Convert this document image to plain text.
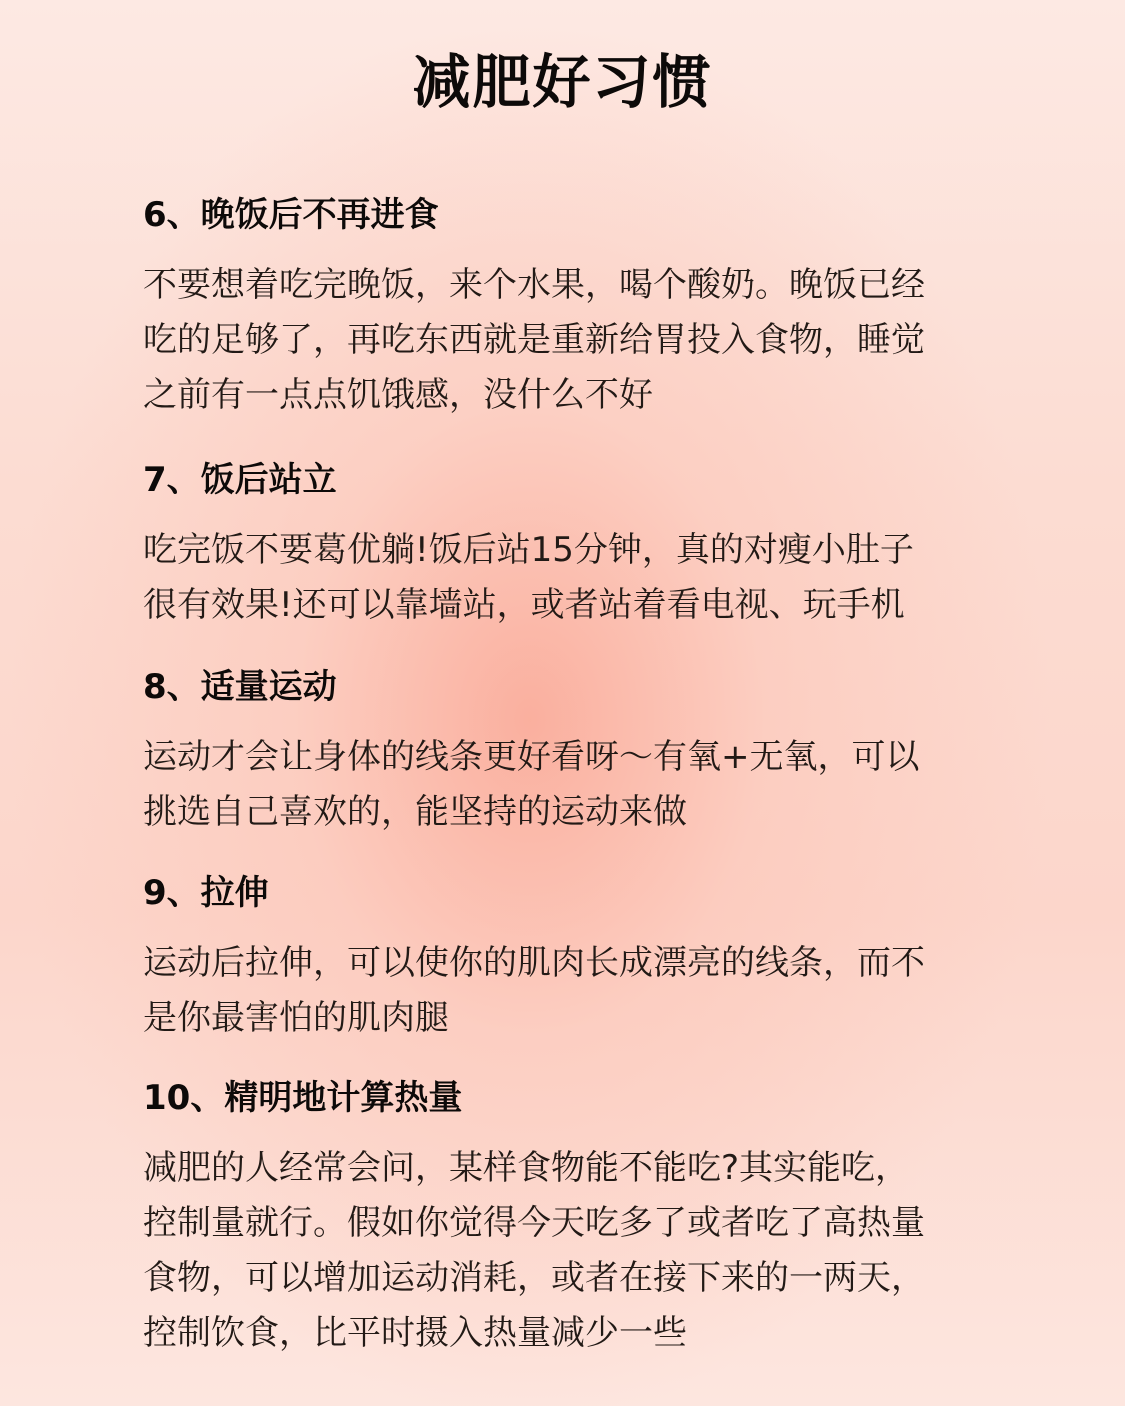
减肥好习惯
6、晚饭后不再进食
不要想着吃完晚饭，来个水果，喝个酸奶。晚饭已经
吃的足够了，再吃东西就是重新给胃投入食物，睡觉
之前有一点点饥饿感，没什么不好
7、饭后站立
吃完饭不要葛优躺!饭后站15分钟，真的对瘦小肚子
很有效果!还可以靠墙站，或者站着看电视、玩手机
8、适量运动
运动才会让身体的线条更好看呀～有氧+无氧，可以
挑选自己喜欢的，能坚持的运动来做
9、拉伸
运动后拉伸，可以使你的肌肉长成漂亮的线条，而不
是你最害怕的肌肉腿
10、精明地计算热量
减肥的人经常会问，某样食物能不能吃?其实能吃，
控制量就行。假如你觉得今天吃多了或者吃了高热量
食物，可以增加运动消耗，或者在接下来的一两天，
控制饮食，比平时摄入热量减少一些
